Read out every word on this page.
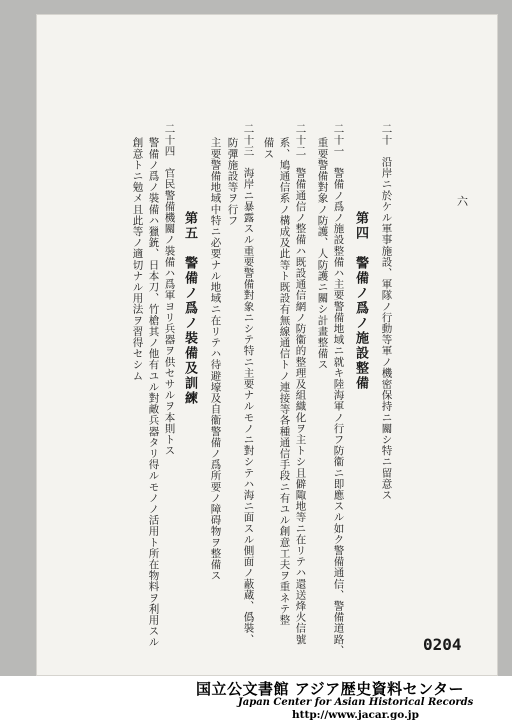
二十　沿岸ニ於ケル軍事施設、軍隊ノ行動等軍ノ機密保持ニ關シ特ニ留意ス
第四　警備ノ爲ノ施設整備
二十一　警備ノ爲ノ施設整備ハ主要警備地域ニ就キ陸海軍ノ行フ防衞ニ即應スル如ク警備通信、警備道路、
重要警備對象ノ防護、人防護ニ關シ計畫整備ス
二十二　警備通信ノ整備ハ既設通信網ノ防衞的整理及組織化ヲ主トシ且僻陬地等ニ在リテハ還送烽火信號
系、鳩通信系ノ構成及此等ト既設有無線通信トノ連接等各種通信手段ニ有ユル創意工夫ヲ重ネテ整
備ス
二十三　海岸ニ暴露スル重要警備對象ニシテ特ニ主要ナルモノニ對シテハ海ニ面スル側面ノ蔽蔵、僞裝、
防彈施設等ヲ行フ
主要警備地域中特ニ必要ナル地域ニ在リテハ待避壕及自衞警備ノ爲所要ノ障碍物ヲ整備ス
第五　警備ノ爲ノ裝備及訓練
二十四　官民警備機關ノ裝備ハ爲軍ヨリ兵器ヲ供セサルヲ本則トス
警備ノ爲ノ裝備ハ獵銃、日本刀、竹槍其ノ他有ユル對敵兵器タリ得ルモノノ活用ト所在物料ヲ利用スル
創意トニ勉メ且此等ノ適切ナル用法ヲ習得セシム	六
0204
国立公文書館 アジア歴史資料センター
Japan Center for Asian Historical Records
http://www.jacar.go.jp
